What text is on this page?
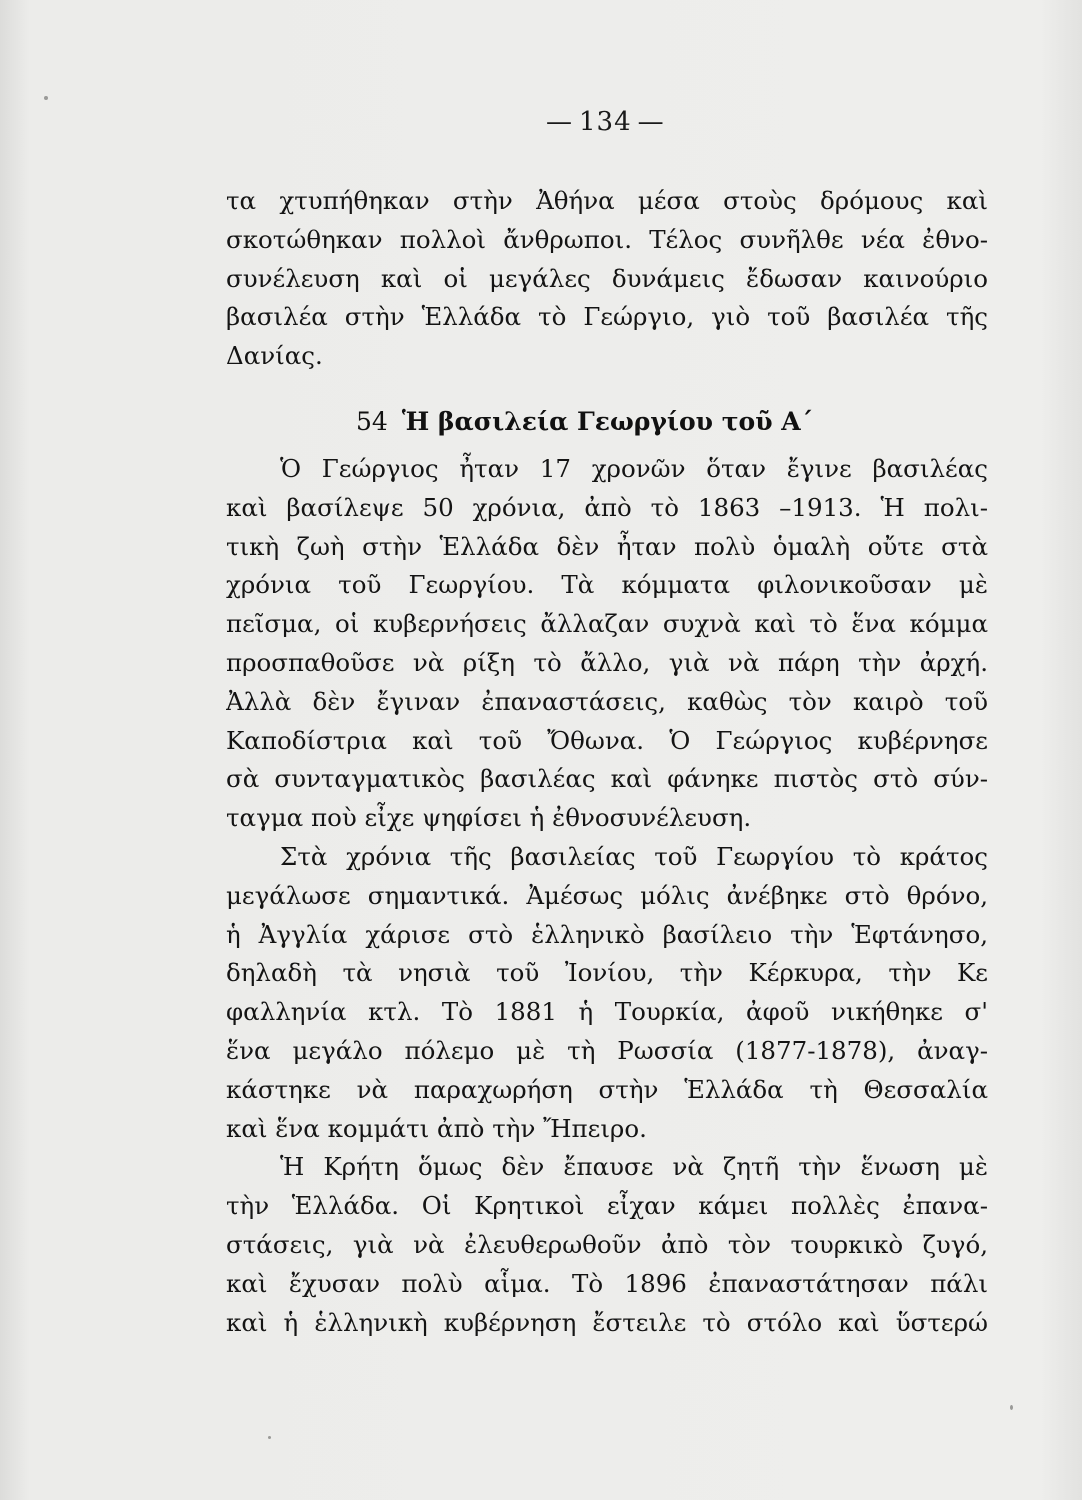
— 134 —
τα χτυπήθηκαν στὴν Ἀθήνα μέσα στοὺς δρόμους καὶ
σκοτώθηκαν πολλοὶ ἄνθρωποι. Τέλος συνῆλθε νέα ἐθνο-
συνέλευση καὶ οἱ μεγάλες δυνάμεις ἔδωσαν καινούριο
βασιλέα στὴν Ἑλλάδα τὸ Γεώργιο, γιὸ τοῦ βασιλέα τῆς
Δανίας.
54 Ἡ βασιλεία Γεωργίου τοῦ Α΄
Ὁ Γεώργιος ἦταν 17 χρονῶν ὅταν ἔγινε βασιλέας
καὶ βασίλεψε 50 χρόνια, ἀπὸ τὸ 1863 –1913. Ἡ πολι-
τικὴ ζωὴ στὴν Ἑλλάδα δὲν ἦταν πολὺ ὁμαλὴ οὔτε στὰ
χρόνια τοῦ Γεωργίου. Τὰ κόμματα φιλονικοῦσαν μὲ
πεῖσμα, οἱ κυβερνήσεις ἄλλαζαν συχνὰ καὶ τὸ ἕνα κόμμα
προσπαθοῦσε νὰ ρίξη τὸ ἄλλο, γιὰ νὰ πάρη τὴν ἀρχή.
Ἀλλὰ δὲν ἔγιναν ἐπαναστάσεις, καθὼς τὸν καιρὸ τοῦ
Καποδίστρια καὶ τοῦ Ὄθωνα. Ὁ Γεώργιος κυβέρνησε
σὰ συνταγματικὸς βασιλέας καὶ φάνηκε πιστὸς στὸ σύν-
ταγμα ποὺ εἶχε ψηφίσει ἡ ἐθνοσυνέλευση.
Στὰ χρόνια τῆς βασιλείας τοῦ Γεωργίου τὸ κράτος
μεγάλωσε σημαντικά. Ἀμέσως μόλις ἀνέβηκε στὸ θρόνο,
ἡ Ἀγγλία χάρισε στὸ ἑλληνικὸ βασίλειο τὴν Ἑφτάνησο,
δηλαδὴ τὰ νησιὰ τοῦ Ἰονίου, τὴν Κέρκυρα, τὴν Κε
φαλληνία κτλ. Τὸ 1881 ἡ Τουρκία, ἀφοῦ νικήθηκε σ'
ἕνα μεγάλο πόλεμο μὲ τὴ Ρωσσία (1877-1878), ἀναγ-
κάστηκε νὰ παραχωρήση στὴν Ἑλλάδα τὴ Θεσσαλία
καὶ ἕνα κομμάτι ἀπὸ τὴν Ἤπειρο.
Ἡ Κρήτη ὅμως δὲν ἔπαυσε νὰ ζητῆ τὴν ἕνωση μὲ
τὴν Ἑλλάδα. Οἱ Κρητικοὶ εἶχαν κάμει πολλὲς ἐπανα-
στάσεις, γιὰ νὰ ἐλευθερωθοῦν ἀπὸ τὸν τουρκικὸ ζυγό,
καὶ ἔχυσαν πολὺ αἷμα. Τὸ 1896 ἐπαναστάτησαν πάλι
καὶ ἡ ἑλληνικὴ κυβέρνηση ἔστειλε τὸ στόλο καὶ ὕστερώ
